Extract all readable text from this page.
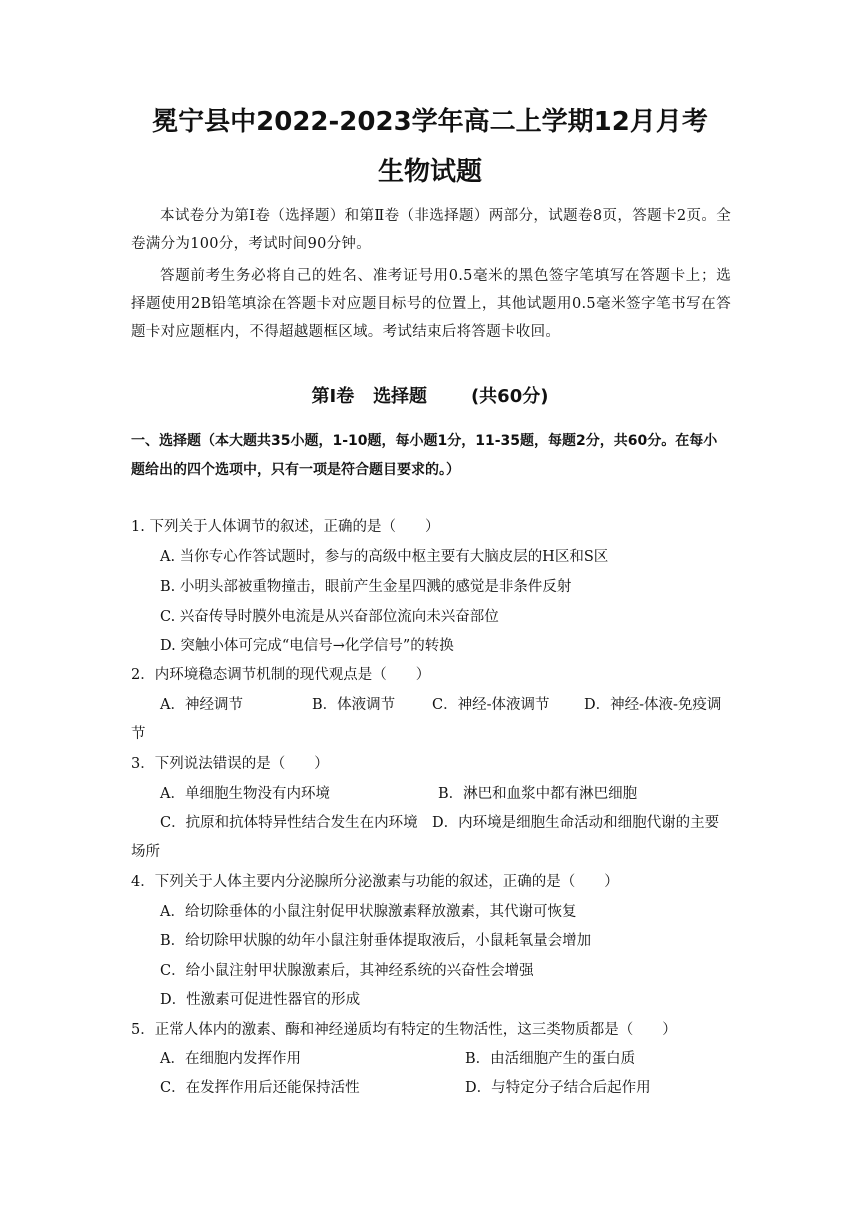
冕宁县中2022-2023学年高二上学期12月月考
生物试题
本试卷分为第Ⅰ卷（选择题）和第Ⅱ卷（非选择题）两部分，试题卷8页，答题卡2页。全卷满分为100分，考试时间90分钟。
答题前考生务必将自己的姓名、准考证号用0.5毫米的黑色签字笔填写在答题卡上；选择题使用2B铅笔填涂在答题卡对应题目标号的位置上，其他试题用0.5毫米签字笔书写在答题卡对应题框内，不得超越题框区域。考试结束后将答题卡收回。
第Ⅰ卷 选择题 (共60分)
一、选择题（本大题共35小题，1-10题，每小题1分，11-35题，每题2分，共60分。在每小题给出的四个选项中，只有一项是符合题目要求的。）
1. 下列关于人体调节的叙述，正确的是（　　）
A. 当你专心作答试题时，参与的高级中枢主要有大脑皮层的H区和S区
B. 小明头部被重物撞击，眼前产生金星四溅的感觉是非条件反射
C. 兴奋传导时膜外电流是从兴奋部位流向未兴奋部位
D. 突触小体可完成“电信号→化学信号”的转换
2．内环境稳态调节机制的现代观点是（　　）
A．神经调节	B．体液调节	C．神经-体液调节 D．神经-体液-免疫调
节
3．下列说法错误的是（　　）
A．单细胞生物没有内环境	B．淋巴和血浆中都有淋巴细胞
C．抗原和抗体特异性结合发生在内环境 D．内环境是细胞生命活动和细胞代谢的主要
场所
4．下列关于人体主要内分泌腺所分泌激素与功能的叙述，正确的是（　　）
A．给切除垂体的小鼠注射促甲状腺激素释放激素，其代谢可恢复
B．给切除甲状腺的幼年小鼠注射垂体提取液后，小鼠耗氧量会增加
C．给小鼠注射甲状腺激素后，其神经系统的兴奋性会增强
D．性激素可促进性器官的形成
5．正常人体内的激素、酶和神经递质均有特定的生物活性，这三类物质都是（　　）
A．在细胞内发挥作用	B．由活细胞产生的蛋白质
C．在发挥作用后还能保持活性	D．与特定分子结合后起作用
